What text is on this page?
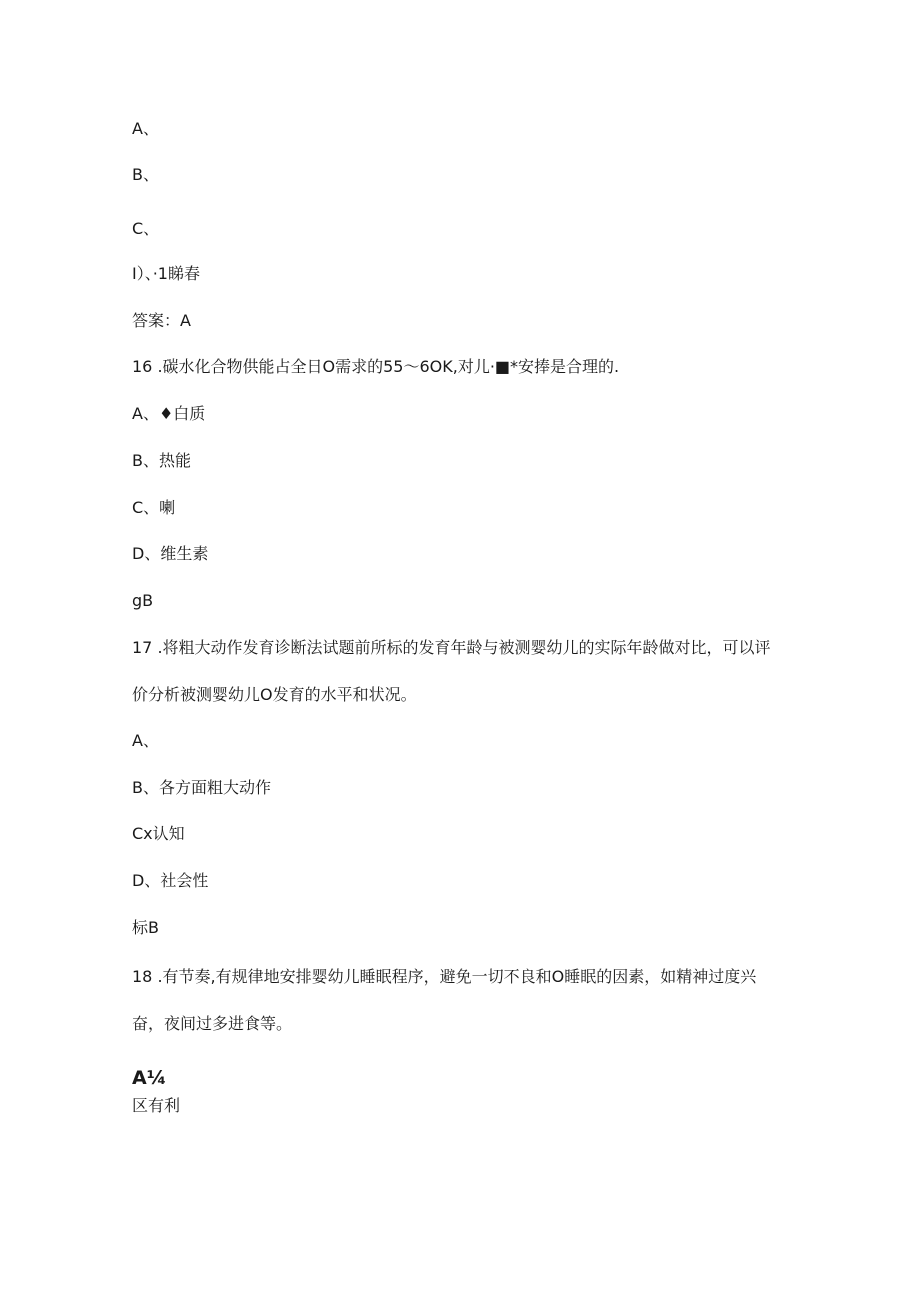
A、
B、
C、
I）、·1睇春
答案：A
16 .碳水化合物供能占全日O需求的55〜6OK,对儿·■*安捧是合理的.
A、♦白质
B、热能
C、喇
D、维生素
gB
17 .将粗大动作发育诊断法试题前所标的发育年龄与被测婴幼儿的实际年龄做对比，可以评价分析被测婴幼儿O发育的水平和状况。
A、
B、各方面粗大动作
Cx认知
D、社会性
标B
18 .有节奏,有规律地安排婴幼儿睡眠程序，避免一切不良和O睡眠的因素，如精神过度兴奋，夜间过多进食等。
A¼
区有利
